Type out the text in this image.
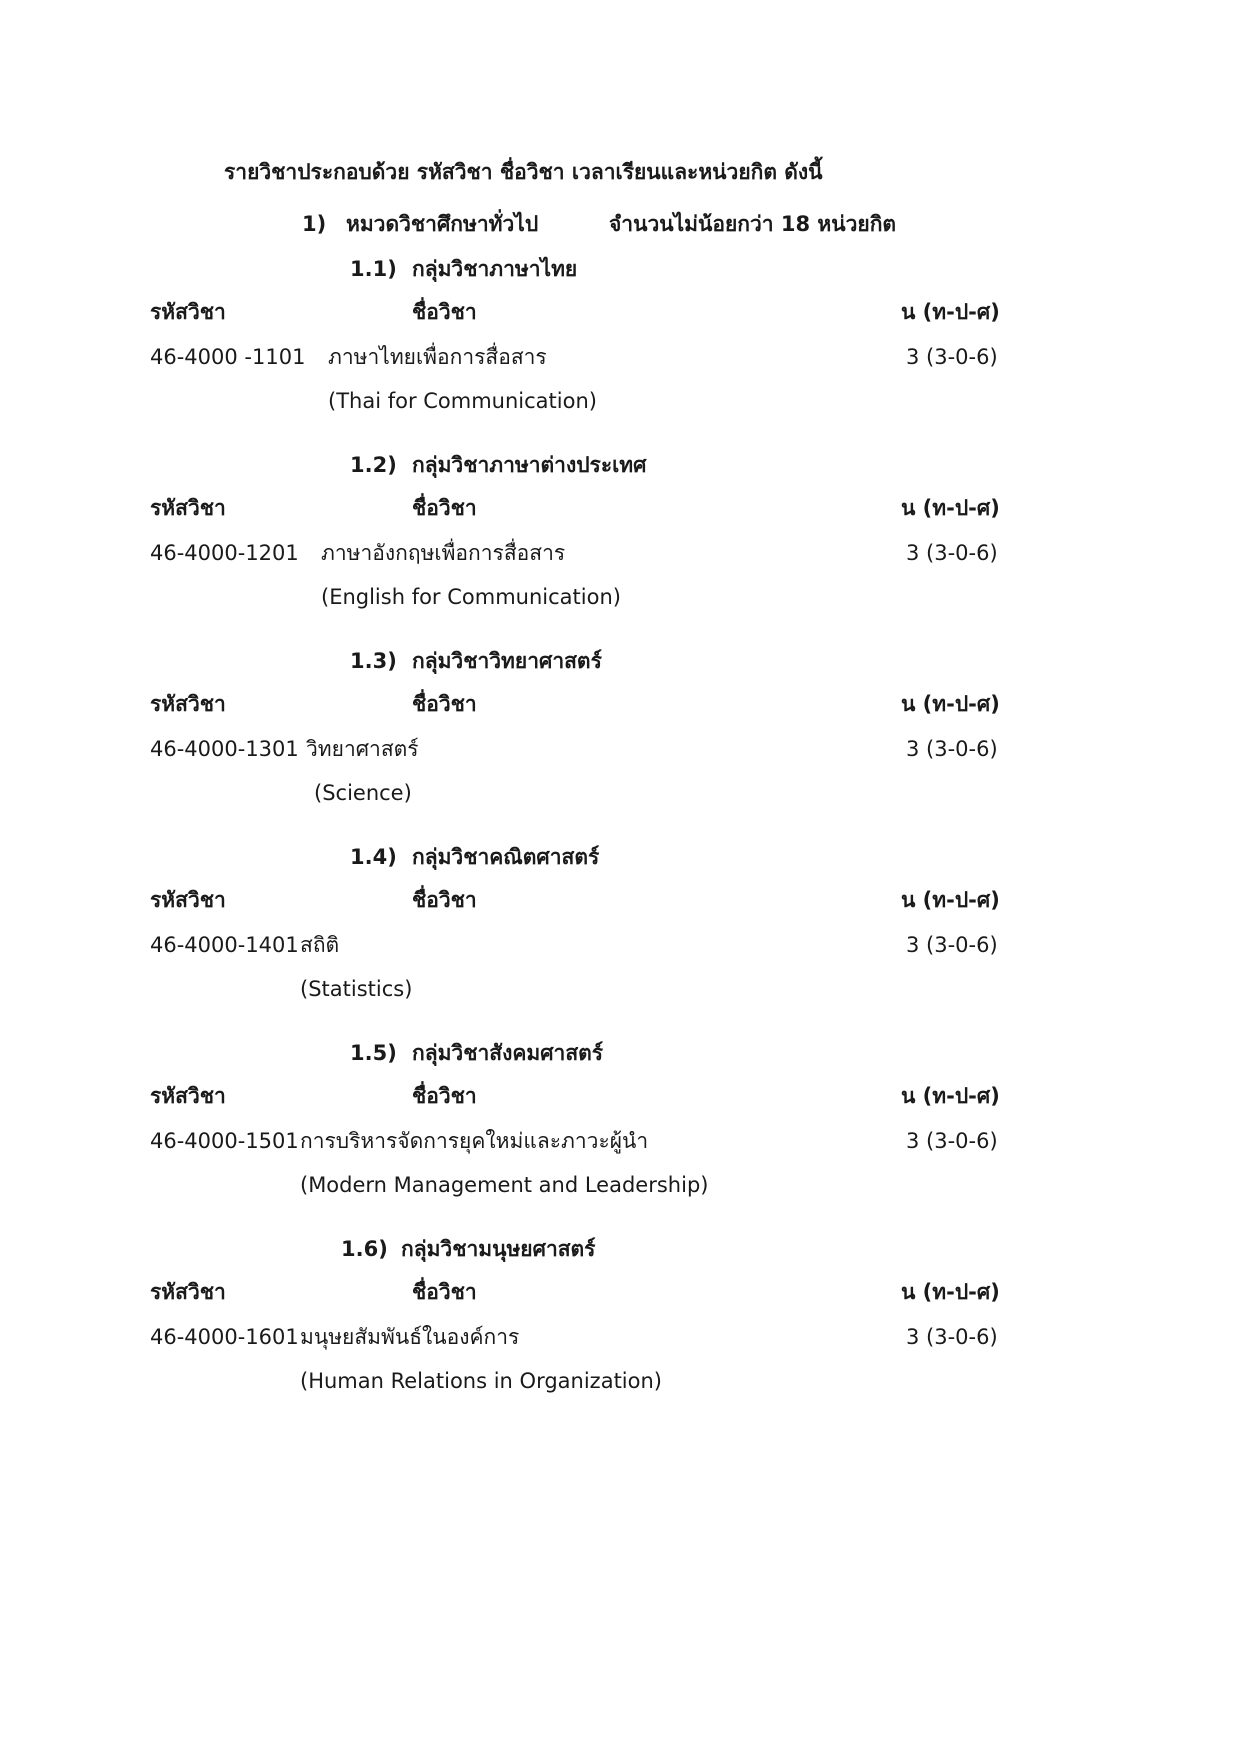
รายวิชาประกอบด้วย รหัสวิชา ชื่อวิชา เวลาเรียนและหน่วยกิต ดังนี้
1) หมวดวิชาศึกษาทั่วไป	จำนวนไม่น้อยกว่า 18 หน่วยกิต
1.1) กลุ่มวิชาภาษาไทย
รหัสวิชา	ชื่อวิชา	น (ท-ป-ศ)
46-4000 -1101 ภาษาไทยเพื่อการสื่อสาร	3 (3-0-6)
(Thai for Communication)
1.2) กลุ่มวิชาภาษาต่างประเทศ
รหัสวิชา	ชื่อวิชา	น (ท-ป-ศ)
46-4000-1201 ภาษาอังกฤษเพื่อการสื่อสาร	3 (3-0-6)
(English for Communication)
1.3) กลุ่มวิชาวิทยาศาสตร์
รหัสวิชา	ชื่อวิชา	น (ท-ป-ศ)
46-4000-1301 วิทยาศาสตร์	3 (3-0-6)
(Science)
1.4) กลุ่มวิชาคณิตศาสตร์
รหัสวิชา	ชื่อวิชา	น (ท-ป-ศ)
46-4000-1401 สถิติ	3 (3-0-6)
(Statistics)
1.5) กลุ่มวิชาสังคมศาสตร์
รหัสวิชา	ชื่อวิชา	น (ท-ป-ศ)
46-4000-1501 การบริหารจัดการยุคใหม่และภาวะผู้นำ	3 (3-0-6)
(Modern Management and Leadership)
1.6) กลุ่มวิชามนุษยศาสตร์
รหัสวิชา	ชื่อวิชา	น (ท-ป-ศ)
46-4000-1601 มนุษยสัมพันธ์ในองค์การ	3 (3-0-6)
(Human Relations in Organization)
